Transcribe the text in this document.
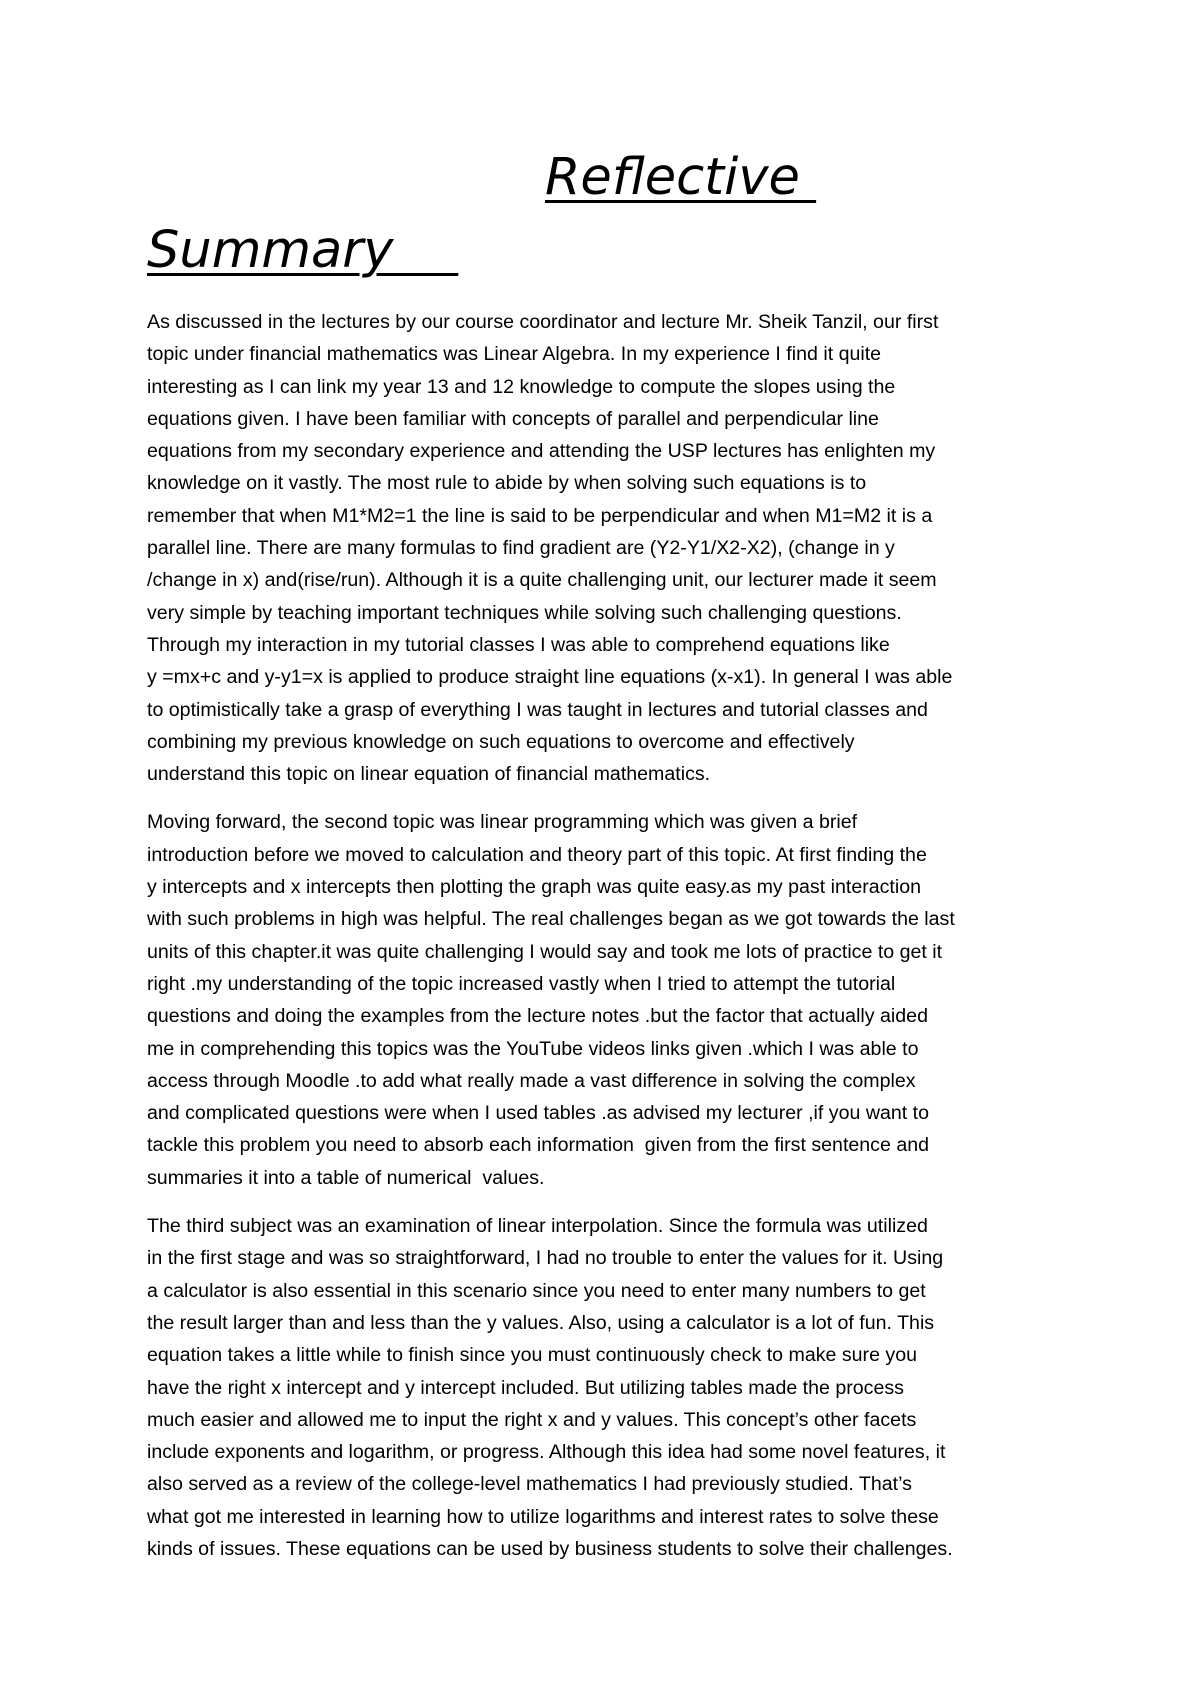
Reflective
Summary

As discussed in the lectures by our course coordinator and lecture Mr. Sheik Tanzil, our first
topic under financial mathematics was Linear Algebra. In my experience I find it quite
interesting as I can link my year 13 and 12 knowledge to compute the slopes using the
equations given. I have been familiar with concepts of parallel and perpendicular line
equations from my secondary experience and attending the USP lectures has enlighten my
knowledge on it vastly. The most rule to abide by when solving such equations is to
remember that when M1*M2=1 the line is said to be perpendicular and when M1=M2 it is a
parallel line. There are many formulas to find gradient are (Y2-Y1/X2-X2), (change in y
/change in x) and(rise/run). Although it is a quite challenging unit, our lecturer made it seem
very simple by teaching important techniques while solving such challenging questions.
Through my interaction in my tutorial classes I was able to comprehend equations like
y =mx+c and y-y1=x is applied to produce straight line equations (x-x1). In general I was able
to optimistically take a grasp of everything I was taught in lectures and tutorial classes and
combining my previous knowledge on such equations to overcome and effectively
understand this topic on linear equation of financial mathematics.

Moving forward, the second topic was linear programming which was given a brief
introduction before we moved to calculation and theory part of this topic. At first finding the
y intercepts and x intercepts then plotting the graph was quite easy.as my past interaction
with such problems in high was helpful. The real challenges began as we got towards the last
units of this chapter.it was quite challenging I would say and took me lots of practice to get it
right .my understanding of the topic increased vastly when I tried to attempt the tutorial
questions and doing the examples from the lecture notes .but the factor that actually aided
me in comprehending this topics was the YouTube videos links given .which I was able to
access through Moodle .to add what really made a vast difference in solving the complex
and complicated questions were when I used tables .as advised my lecturer ,if you want to
tackle this problem you need to absorb each information  given from the first sentence and
summaries it into a table of numerical  values.

The third subject was an examination of linear interpolation. Since the formula was utilized
in the first stage and was so straightforward, I had no trouble to enter the values for it. Using
a calculator is also essential in this scenario since you need to enter many numbers to get
the result larger than and less than the y values. Also, using a calculator is a lot of fun. This
equation takes a little while to finish since you must continuously check to make sure you
have the right x intercept and y intercept included. But utilizing tables made the process
much easier and allowed me to input the right x and y values. This concept’s other facets
include exponents and logarithm, or progress. Although this idea had some novel features, it
also served as a review of the college-level mathematics I had previously studied. That’s
what got me interested in learning how to utilize logarithms and interest rates to solve these
kinds of issues. These equations can be used by business students to solve their challenges.
